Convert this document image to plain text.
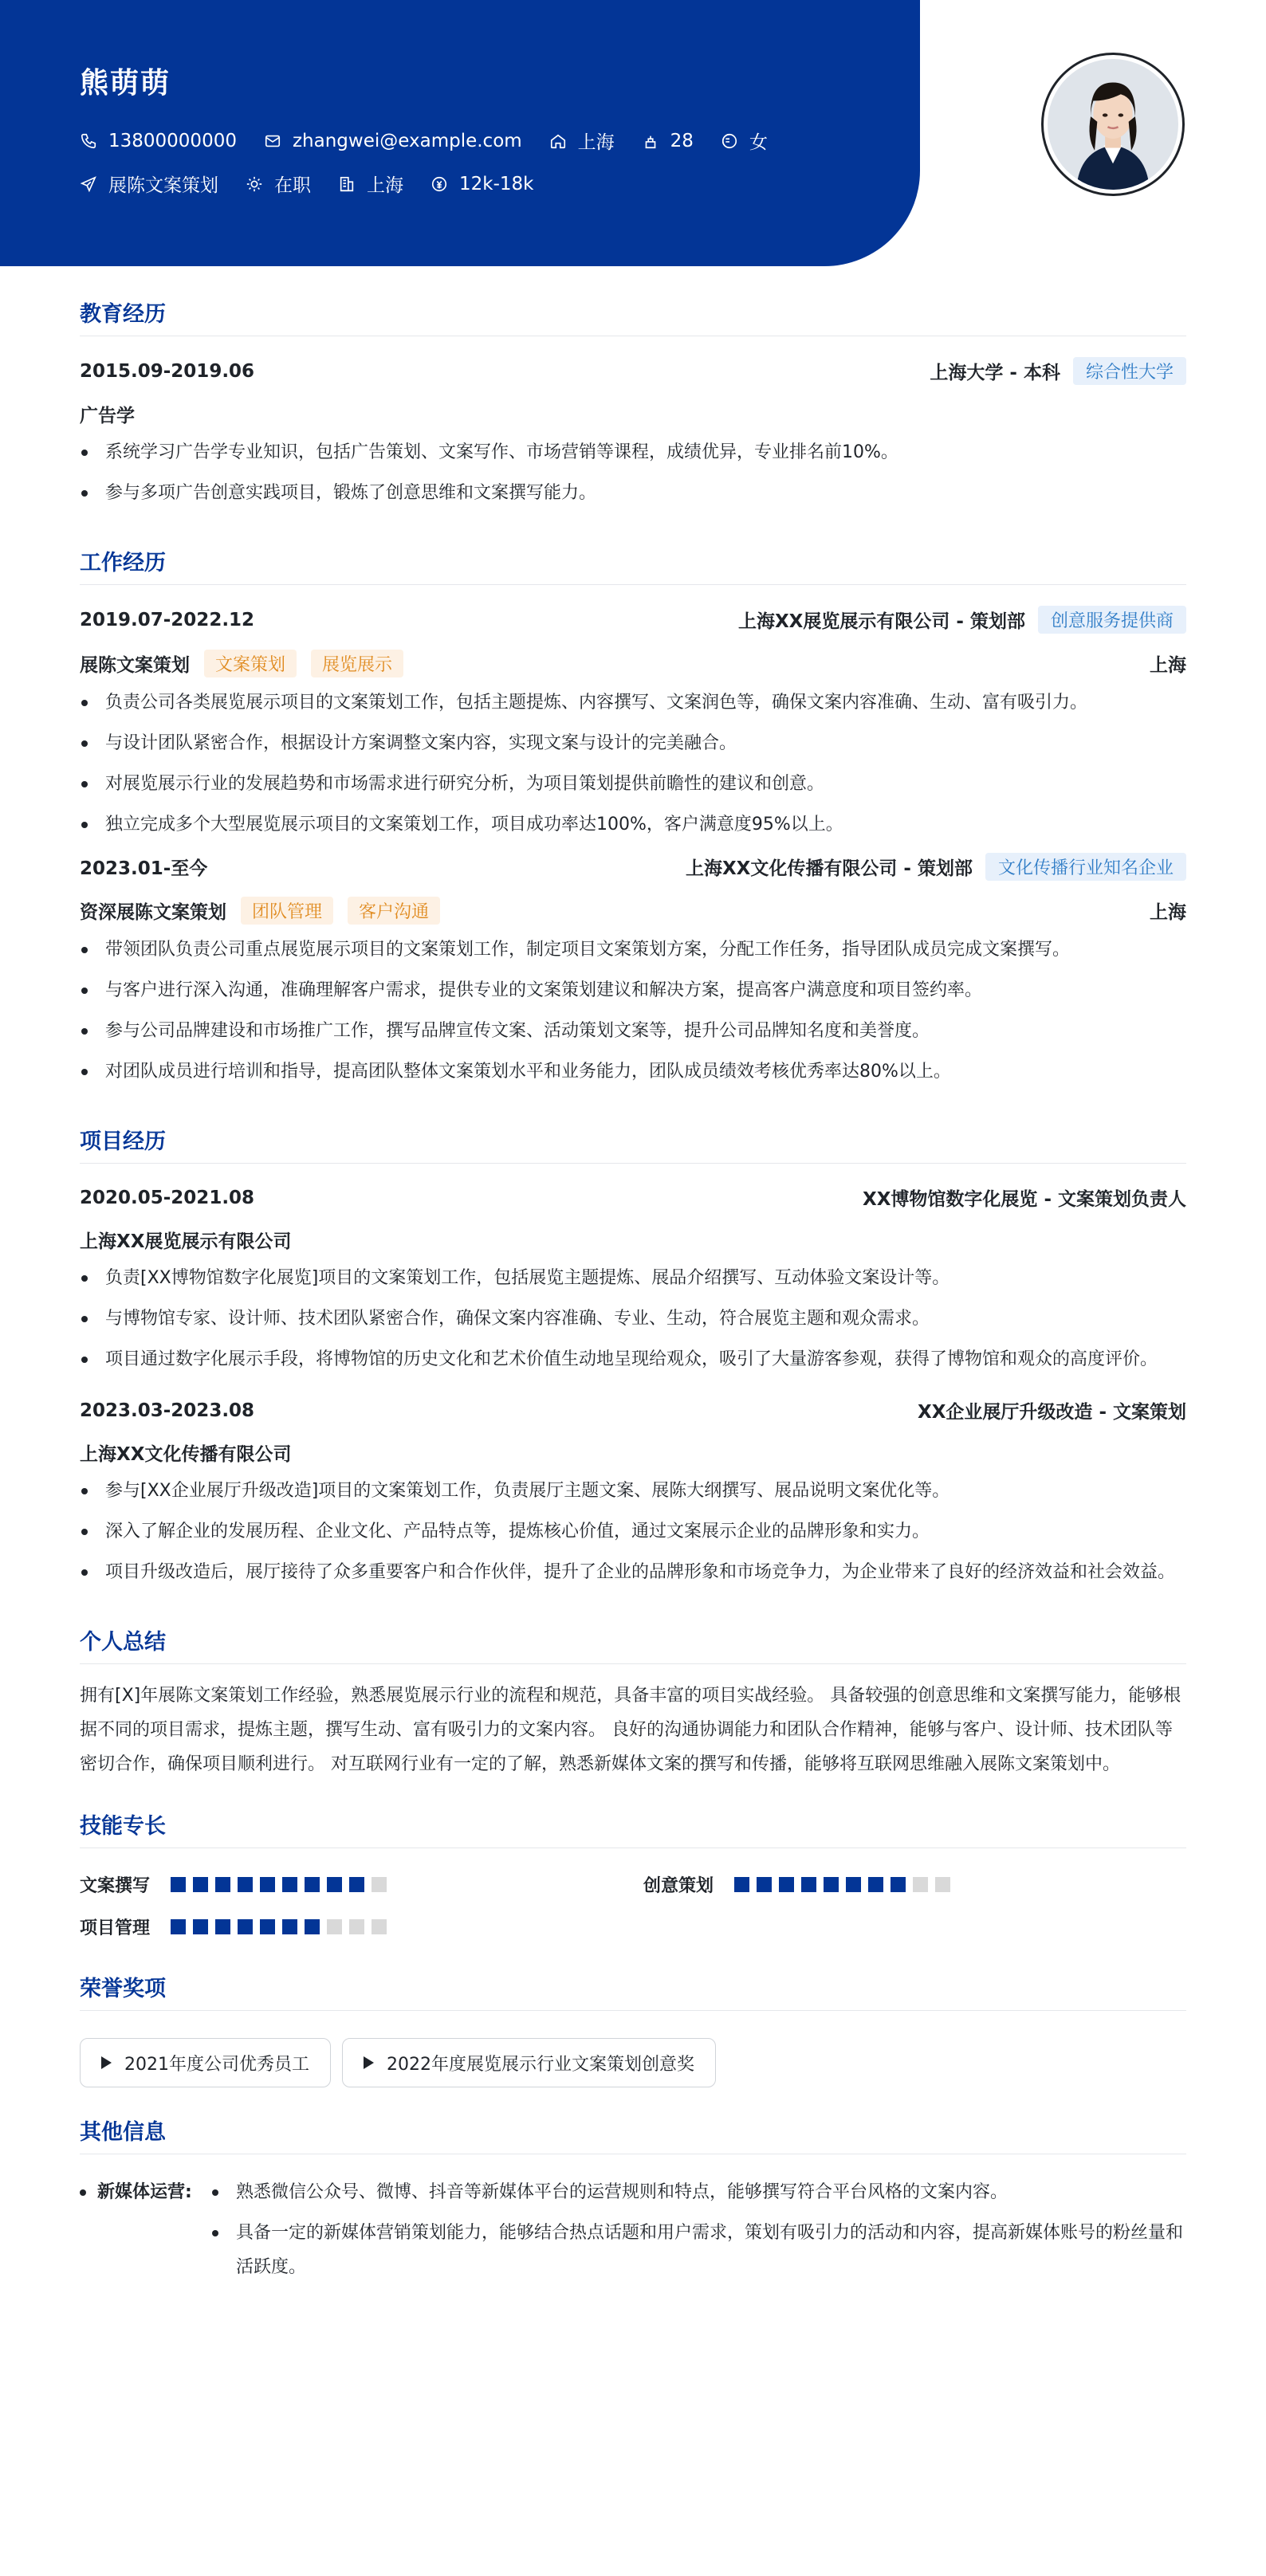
熊萌萌
13800000000	zhangwei@example.com	上海	28	女
展陈文案策划	在职	上海	12k-18k
教育经历
2015.09-2019.06	上海大学 - 本科	综合性大学
广告学
系统学习广告学专业知识，包括广告策划、文案写作、市场营销等课程，成绩优异，专业排名前10%。
参与多项广告创意实践项目，锻炼了创意思维和文案撰写能力。
工作经历
2019.07-2022.12	上海XX展览展示有限公司 - 策划部	创意服务提供商
展陈文案策划	文案策划	展览展示	上海
负责公司各类展览展示项目的文案策划工作，包括主题提炼、内容撰写、文案润色等，确保文案内容准确、生动、富有吸引力。
与设计团队紧密合作，根据设计方案调整文案内容，实现文案与设计的完美融合。
对展览展示行业的发展趋势和市场需求进行研究分析，为项目策划提供前瞻性的建议和创意。
独立完成多个大型展览展示项目的文案策划工作，项目成功率达100%，客户满意度95%以上。
2023.01-至今	上海XX文化传播有限公司 - 策划部	文化传播行业知名企业
资深展陈文案策划	团队管理	客户沟通	上海
带领团队负责公司重点展览展示项目的文案策划工作，制定项目文案策划方案，分配工作任务，指导团队成员完成文案撰写。
与客户进行深入沟通，准确理解客户需求，提供专业的文案策划建议和解决方案，提高客户满意度和项目签约率。
参与公司品牌建设和市场推广工作，撰写品牌宣传文案、活动策划文案等，提升公司品牌知名度和美誉度。
对团队成员进行培训和指导，提高团队整体文案策划水平和业务能力，团队成员绩效考核优秀率达80%以上。
项目经历
2020.05-2021.08	XX博物馆数字化展览 - 文案策划负责人
上海XX展览展示有限公司
负责[XX博物馆数字化展览]项目的文案策划工作，包括展览主题提炼、展品介绍撰写、互动体验文案设计等。
与博物馆专家、设计师、技术团队紧密合作，确保文案内容准确、专业、生动，符合展览主题和观众需求。
项目通过数字化展示手段，将博物馆的历史文化和艺术价值生动地呈现给观众，吸引了大量游客参观，获得了博物馆和观众的高度评价。
2023.03-2023.08	XX企业展厅升级改造 - 文案策划
上海XX文化传播有限公司
参与[XX企业展厅升级改造]项目的文案策划工作，负责展厅主题文案、展陈大纲撰写、展品说明文案优化等。
深入了解企业的发展历程、企业文化、产品特点等，提炼核心价值，通过文案展示企业的品牌形象和实力。
项目升级改造后，展厅接待了众多重要客户和合作伙伴，提升了企业的品牌形象和市场竞争力，为企业带来了良好的经济效益和社会效益。
个人总结

拥有[X]年展陈文案策划工作经验，熟悉展览展示行业的流程和规范，具备丰富的项目实战经验。 具备较强的创意思维和文案撰写能力，能够根据不同的项目需求，提炼主题，撰写生动、富有吸引力的文案内容。 良好的沟通协调能力和团队合作精神，能够与客户、设计师、技术团队等密切合作，确保项目顺利进行。 对互联网行业有一定的了解，熟悉新媒体文案的撰写和传播，能够将互联网思维融入展陈文案策划中。

技能专长
文案撰写	创意策划
项目管理
荣誉奖项
2021年度公司优秀员工	2022年度展览展示行业文案策划创意奖
其他信息
新媒体运营:	熟悉微信公众号、微博、抖音等新媒体平台的运营规则和特点，能够撰写符合平台风格的文案内容。
具备一定的新媒体营销策划能力，能够结合热点话题和用户需求，策划有吸引力的活动和内容，提高新媒体账号的粉丝量和活跃度。
